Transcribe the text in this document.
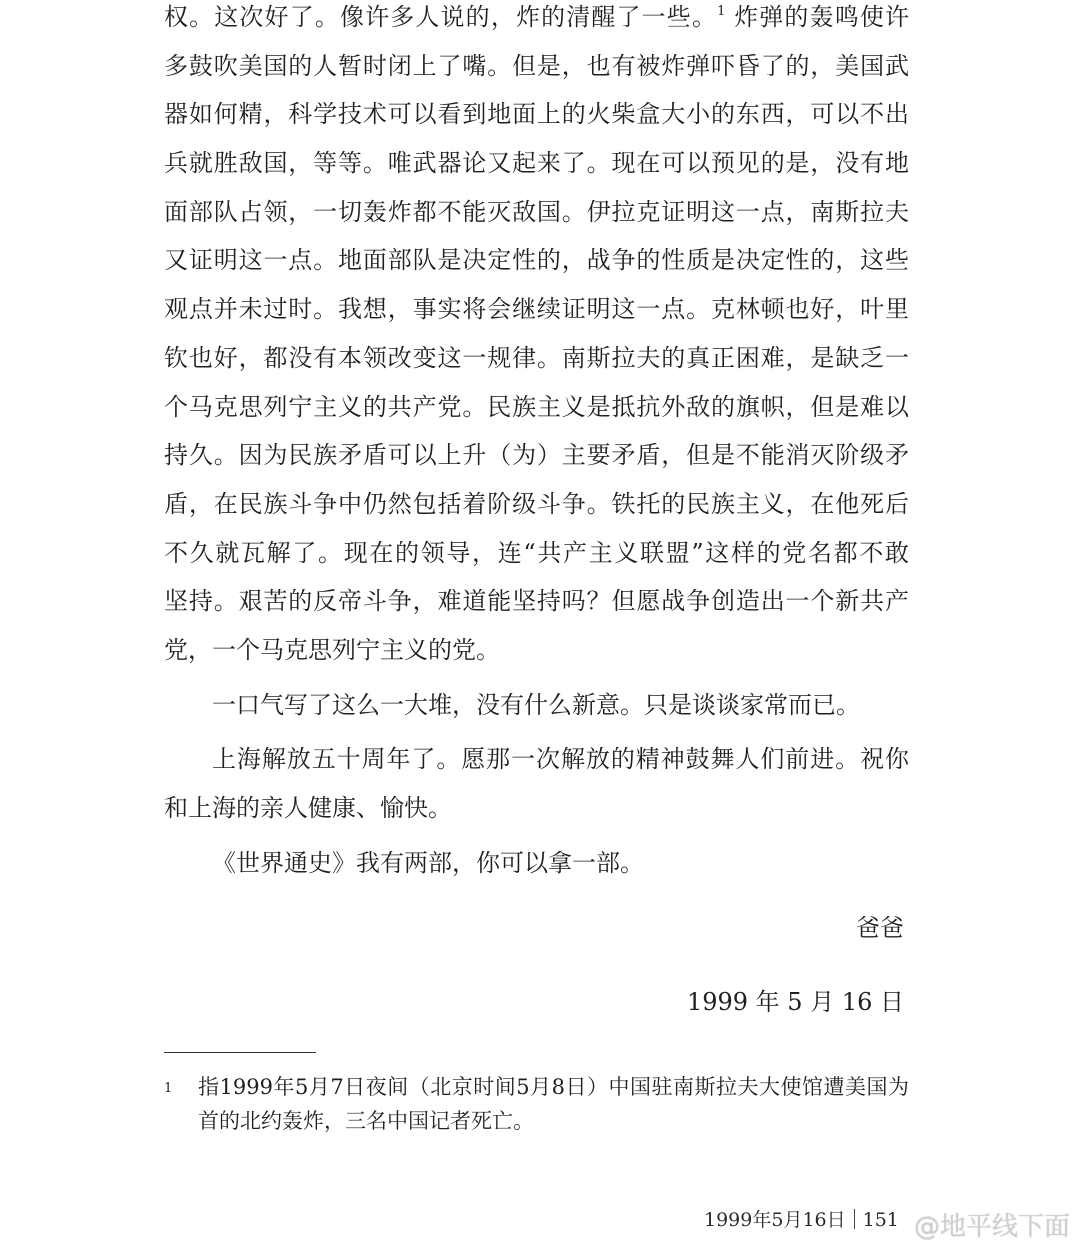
权。这次好了。像许多人说的，炸的清醒了一些。$^1$ 炸弹的轰鸣使许
多鼓吹美国的人暂时闭上了嘴。但是，也有被炸弹吓昏了的，美国武
器如何精，科学技术可以看到地面上的火柴盒大小的东西，可以不出
兵就胜敌国，等等。唯武器论又起来了。现在可以预见的是，没有地
面部队占领，一切轰炸都不能灭敌国。伊拉克证明这一点，南斯拉夫
又证明这一点。地面部队是决定性的，战争的性质是决定性的，这些
观点并未过时。我想，事实将会继续证明这一点。克林顿也好，叶里
钦也好，都没有本领改变这一规律。南斯拉夫的真正困难，是缺乏一
个马克思列宁主义的共产党。民族主义是抵抗外敌的旗帜，但是难以
持久。因为民族矛盾可以上升（为）主要矛盾，但是不能消灭阶级矛
盾，在民族斗争中仍然包括着阶级斗争。铁托的民族主义，在他死后
不久就瓦解了。现在的领导，连“共产主义联盟”这样的党名都不敢
坚持。艰苦的反帝斗争，难道能坚持吗？但愿战争创造出一个新共产
党，一个马克思列宁主义的党。
一口气写了这么一大堆，没有什么新意。只是谈谈家常而已。
上海解放五十周年了。愿那一次解放的精神鼓舞人们前进。祝你
和上海的亲人健康、愉快。
《世界通史》我有两部，你可以拿一部。
爸爸
1999 年 5 月 16 日
1 指1999年5月7日夜间（北京时间5月8日）中国驻南斯拉夫大使馆遭美国为
首的北约轰炸，三名中国记者死亡。
1999年5月16日 151 @地平线下面
